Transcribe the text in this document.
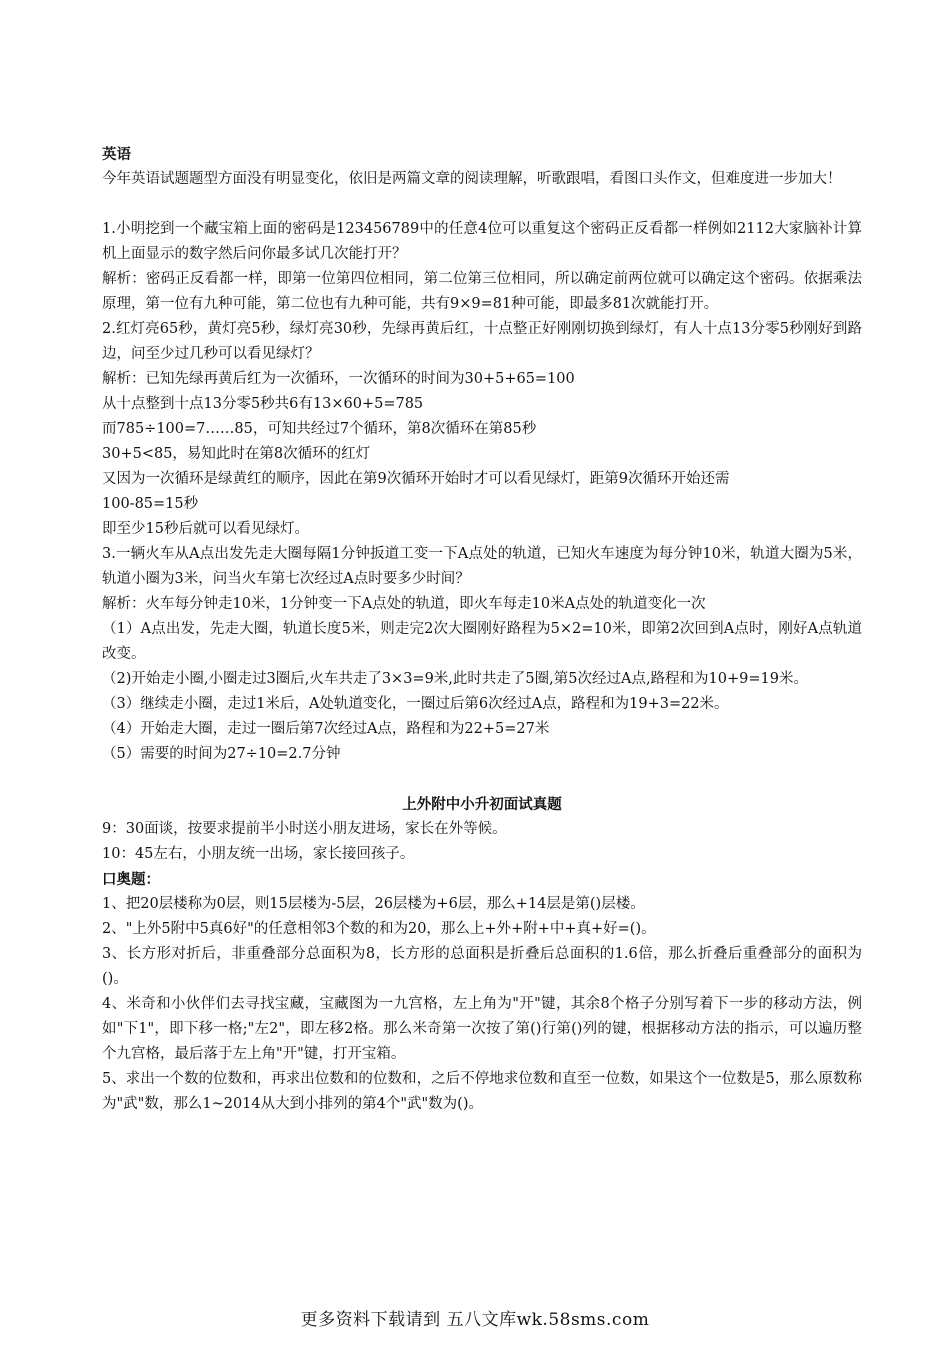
英语
今年英语试题题型方面没有明显变化，依旧是两篇文章的阅读理解，听歌跟唱，看图口头作文，但难度进一步加大！
1.小明挖到一个藏宝箱上面的密码是123456789中的任意4位可以重复这个密码正反看都一样例如2112大家脑补计算机上面显示的数字然后问你最多试几次能打开？
解析：密码正反看都一样，即第一位第四位相同，第二位第三位相同，所以确定前两位就可以确定这个密码。依据乘法原理，第一位有九种可能，第二位也有九种可能，共有9×9=81种可能，即最多81次就能打开。
2.红灯亮65秒，黄灯亮5秒，绿灯亮30秒，先绿再黄后红，十点整正好刚刚切换到绿灯，有人十点13分零5秒刚好到路边，问至少过几秒可以看见绿灯？
解析：已知先绿再黄后红为一次循环，一次循环的时间为30+5+65=100
从十点整到十点13分零5秒共6有13×60+5=785
而785÷100=7……85，可知共经过7个循环，第8次循环在第85秒
30+5<85，易知此时在第8次循环的红灯
又因为一次循环是绿黄红的顺序，因此在第9次循环开始时才可以看见绿灯，距第9次循环开始还需
100-85=15秒
即至少15秒后就可以看见绿灯。
3.一辆火车从A点出发先走大圈每隔1分钟扳道工变一下A点处的轨道，已知火车速度为每分钟10米，轨道大圈为5米，轨道小圈为3米，问当火车第七次经过A点时要多少时间？
解析：火车每分钟走10米，1分钟变一下A点处的轨道，即火车每走10米A点处的轨道变化一次
（1）A点出发，先走大圈，轨道长度5米，则走完2次大圈刚好路程为5×2=10米，即第2次回到A点时，刚好A点轨道改变。
（2)开始走小圈,小圈走过3圈后,火车共走了3×3=9米,此时共走了5圈,第5次经过A点,路程和为10+9=19米。
（3）继续走小圈，走过1米后，A处轨道变化，一圈过后第6次经过A点，路程和为19+3=22米。
（4）开始走大圈，走过一圈后第7次经过A点，路程和为22+5=27米
（5）需要的时间为27÷10=2.7分钟
上外附中小升初面试真题
9：30面谈，按要求提前半小时送小朋友进场，家长在外等候。
10：45左右，小朋友统一出场，家长接回孩子。
口奥题：
1、把20层楼称为0层，则15层楼为-5层，26层楼为+6层，那么+14层是第()层楼。
2、"上外5附中5真6好"的任意相邻3个数的和为20，那么上+外+附+中+真+好=()。
3、长方形对折后，非重叠部分总面积为8，长方形的总面积是折叠后总面积的1.6倍，那么折叠后重叠部分的面积为()。
4、米奇和小伙伴们去寻找宝藏，宝藏图为一九宫格，左上角为"开"键，其余8个格子分别写着下一步的移动方法，例如"下1"，即下移一格;"左2"，即左移2格。那么米奇第一次按了第()行第()列的键，根据移动方法的指示，可以遍历整个九宫格，最后落于左上角"开"键，打开宝箱。
5、求出一个数的位数和，再求出位数和的位数和，之后不停地求位数和直至一位数，如果这个一位数是5，那么原数称为"武"数，那么1~2014从大到小排列的第4个"武"数为()。
更多资料下载请到 五八文库wk.58sms.com
